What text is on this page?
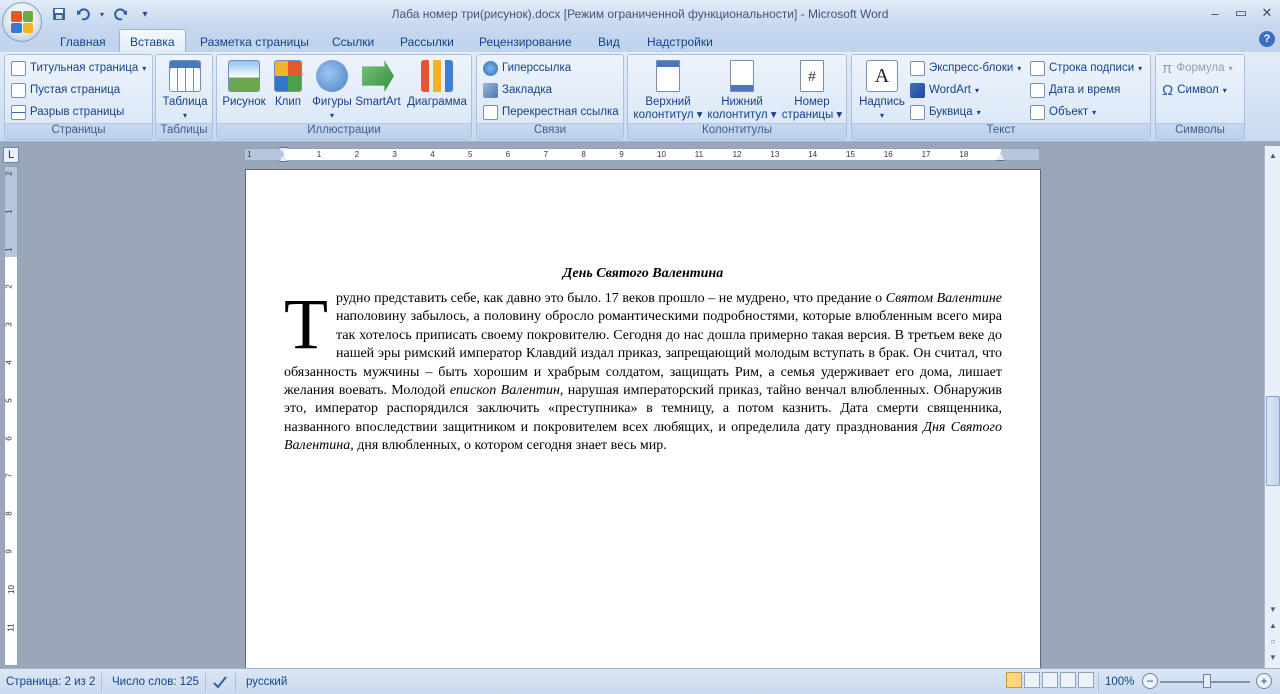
Лаба номер три(рисунок).docx [Режим ограниченной функциональности] - Microsoft Word
▾	▾	‒	▭	✕
Главная	Вставка	Разметка страницы	Ссылки	Рассылки	Рецензирование	Вид	Надстройки	?
Титульная страница ▾
Пустая страница
Разрыв страницы
Страницы
Таблица
▾
Таблицы
Рисунок Клип Фигуры
▾
SmartArt Диаграмма
Иллюстрации
Гиперссылка
Закладка
Перекрестная ссылка
Связи
Верхний
колонтитул ▾
Нижний
колонтитул ▾
#
Номер
страницы ▾
Колонтитулы
A
Надпись
▾
Экспресс-блоки ▾
WordArt ▾
Буквица ▾
Строка подписи ▾
Дата и время
Объект ▾
Текст
π Формула ▾
Ω Символ ▾
Символы
L	1	1	2	3	4	5	6	7	8	9	10	11	12	13	14	15	16	17	18
2
1
1
2
3
4
5
6
7
8
9
10
11
День Святого Валентина
Трудно представить себе, как давно это было. 17 веков прошло – не мудрено, что предание о Святом Валентине наполовину забылось, а половину обросло романтическими подробностями, которые влюбленным всего мира так хотелось приписать своему покровителю. Сегодня до нас дошла примерно такая версия. В третьем веке до нашей эры римский император Клавдий издал приказ, запрещающий молодым вступать в брак. Он считал, что обязанность мужчины – быть хорошим и храбрым солдатом, защищать Рим, а семья удерживает его дома, лишает желания воевать. Молодой епископ Валентин, нарушая императорский приказ, тайно венчал влюбленных. Обнаружив это, император распорядился заключить «преступника» в темницу, а потом казнить. Дата смерти священника, названного впоследствии защитником и покровителем всех любящих, и определила дату празднования Дня Святого Валентина, дня влюбленных, о котором сегодня знает весь мир.
▲
▼
▲
○
▼
Страница: 2 из 2	Число слов: 125	русский	100%	−	+
